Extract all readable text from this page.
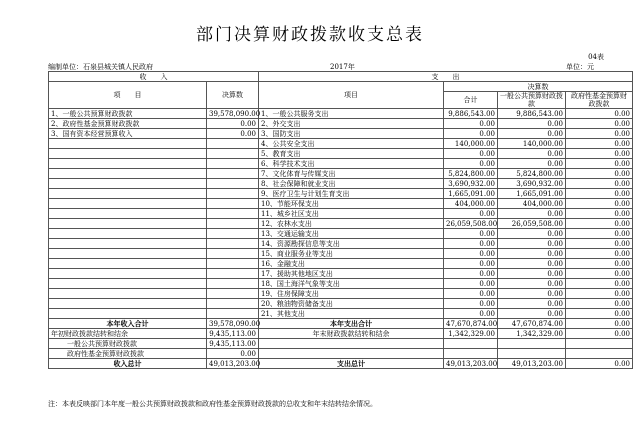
部门决算财政拨款收支总表
04表
编制单位：石泉县城关镇人民政府	2017年	单位：元
收　　入		支　　出			
项　　目	决算数	项目	决算数		
			合计	一般公共预算财政拨款	政府性基金预算财政拨款

1、一般公共预算财政拨款	39,578,090.00	1、一般公共服务支出	9,886,543.00	9,886,543.00	0.00
2、政府性基金预算财政拨款	0.00	2、外交支出	0.00	0.00	0.00
3、国有资本经营预算收入	0.00	3、国防支出	0.00	0.00	0.00
		4、公共安全支出	140,000.00	140,000.00	0.00
		5、教育支出	0.00	0.00	0.00
		6、科学技术支出	0.00	0.00	0.00
		7、文化体育与传媒支出	5,824,800.00	5,824,800.00	0.00
		8、社会保障和就业支出	3,690,932.00	3,690,932.00	0.00
		9、医疗卫生与计划生育支出	1,665,091.00	1,665,091.00	0.00
		10、节能环保支出	404,000.00	404,000.00	0.00
		11、城乡社区支出	0.00	0.00	0.00
		12、农林水支出	26,059,508.00	26,059,508.00	0.00
		13、交通运输支出	0.00	0.00	0.00
		14、资源勘探信息等支出	0.00	0.00	0.00
		15、商业服务业等支出	0.00	0.00	0.00
		16、金融支出	0.00	0.00	0.00
		17、援助其他地区支出	0.00	0.00	0.00
		18、国土海洋气象等支出	0.00	0.00	0.00
		19、住房保障支出	0.00	0.00	0.00
		20、粮油物资储备支出	0.00	0.00	0.00
		21、其他支出	0.00	0.00	0.00
本年收入合计	39,578,090.00	本年支出合计	47,670,874.00	47,670,874.00	0.00
年初财政拨款结转和结余	9,435,113.00	年末财政拨款结转和结余	1,342,329.00	1,342,329.00	0.00
一般公共预算财政拨款	9,435,113.00				
政府性基金预算财政拨款	0.00				
收入总计	49,013,203.00	支出总计	49,013,203.00	49,013,203.00	0.00
注：本表反映部门本年度一般公共预算财政拨款和政府性基金预算财政拨款的总收支和年末结转结余情况。
